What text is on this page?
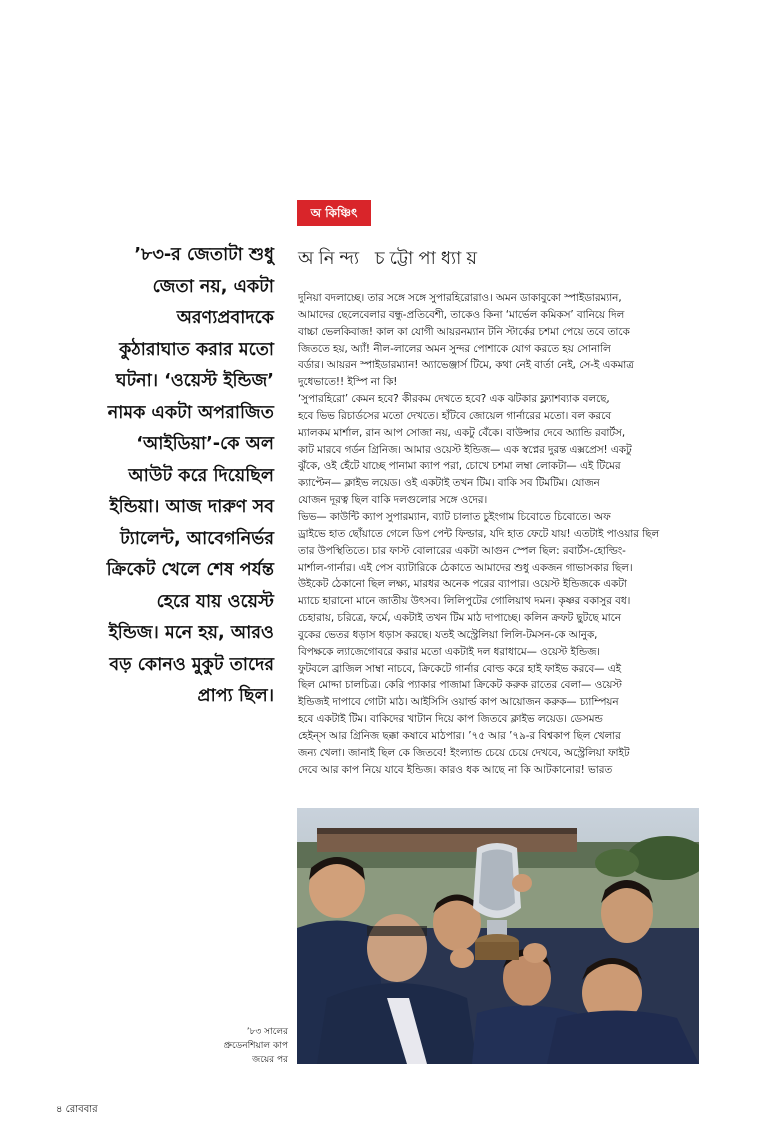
অ কিঞ্চিৎ
অনিন্দ্য চট্টোপাধ্যায়
’৮৩-র জেতাটা শুধু
জেতা নয়, একটা
অরণ্যপ্রবাদকে
কুঠারাঘাত করার মতো
ঘটনা। ‘ওয়েস্ট ইন্ডিজ’
নামক একটা অপরাজিত
‘আইডিয়া’-কে অল
আউট করে দিয়েছিল
ইন্ডিয়া। আজ দারুণ সব
ট্যালেন্ট, আবেগনির্ভর
ক্রিকেট খেলে শেষ পর্যন্ত
হেরে যায় ওয়েস্ট
ইন্ডিজ। মনে হয়, আরও
বড় কোনও মুকুট তাদের
প্রাপ্য ছিল।
দুনিয়া বদলাচ্ছে। তার সঙ্গে সঙ্গে সুপারহিরোরাও। অমন ডাকাবুকো স্পাইডারম্যান,
আমাদের ছেলেবেলার বন্ধু-প্রতিবেশী, তাকেও কিনা ‘মার্ভেল কমিকস’ বানিয়ে দিল
বাচ্চা ভেলকিবাজ! কাল কা যোগী আয়রনম্যান টনি স্টার্কের চশমা পেয়ে তবে তাকে
জিততে হয়, অ্যাঁ! নীল-লালের অমন সুন্দর পোশাকে যোগ করতে হয় সোনালি
বর্ডার। আয়রন স্পাইডারম্যান! অ্যাভেঞ্জার্স টিমে, কথা নেই বার্তা নেই, সে-ই একমাত্র
দুধেভাতে!! ইস্পি না কি!
‘সুপারহিরো’ কেমন হবে? কীরকম দেখতে হবে? এক ঝটকার ফ্ল্যাশব্যাক বলছে,
হবে ভিভ রিচার্ডসের মতো দেখতে। হাঁটবে জোয়েল গার্নারের মতো। বল করবে
ম্যালকম মার্শাল, রান আপ সোজা নয়, একটু বেঁকে। বাউন্সার দেবে অ্যান্ডি রবার্টস,
কাট মারবে গর্ডন গ্রিনিজ। আমার ওয়েস্ট ইন্ডিজ— এক স্বপ্নের দুরন্ত এক্সপ্রেস! একটু
ঝুঁকে, ওই হেঁটে যাচ্ছে পানামা ক্যাপ পরা, চোখে চশমা লম্বা লোকটা— এই টিমের
ক্যাপ্টেন— ক্লাইভ লয়েড। ওই একটাই তখন টিম। বাকি সব টিমটিম। যোজন
যোজন দূরত্ব ছিল বাকি দলগুলোর সঙ্গে ওদের।
ভিভ— কাউন্টি ক্যাপ সুপারম্যান, ব্যাট চালাত চুইংগাম চিবোতে চিবোতে। অফ
ড্রাইভে হাত ছোঁয়াতে গেলে ডিপ পেন্ট ফিল্ডার, যদি হাত ফেটে যায়! এতটাই পাওয়ার ছিল
তার উপস্থিতিতে। চার ফাস্ট বোলারের একটা আগুন স্পেল ছিল: রবার্টস-হোল্ডিং-
মার্শাল-গার্নার। এই পেস ব্যাটারিকে ঠেকাতে আমাদের শুধু একজন গাভাসকার ছিল।
উইকেট ঠেকানো ছিল লক্ষ্য, মারধর অনেক পরের ব্যাপার। ওয়েস্ট ইন্ডিজকে একটা
ম্যাচে হারানো মানে জাতীয় উৎসব। লিলিপুটের গোলিয়াথ দমন। কৃষ্ণর বকাসুর বধ।
চেহারায়, চরিত্রে, ফর্মে, একটাই তখন টিম মাঠ দাপাচ্ছে। কলিন ক্রফট ছুটছে মানে
বুকের ভেতর ধড়াস ধড়াস করছে। যতই অস্ট্রেলিয়া লিলি-টমসন-কে আনুক,
বিপক্ষকে ল্যাজেগোবরে করার মতো একটাই দল ধরাধামে— ওয়েস্ট ইন্ডিজ।
ফুটবলে ব্রাজিল সাম্বা নাচবে, ক্রিকেটে গার্নার বোল্ড করে হাই ফাইভ করবে— এই
ছিল মোদ্দা চালচিত্র। কেরি প্যাকার পাজামা ক্রিকেট করুক রাতের বেলা— ওয়েস্ট
ইন্ডিজই দাপাবে গোটা মাঠ। আইসিসি ওয়ার্ল্ড কাপ আয়োজন করুক— চ্যাম্পিয়ন
হবে একটাই টিম। বাকিদের খাটান দিয়ে কাপ জিতবে ক্লাইভ লয়েড। ডেসমন্ড
হেইন্‌স আর গ্রিনিজ ছক্কা কষাবে মাঠপার। ’৭৫ আর ’৭৯-র বিশ্বকাপ ছিল খেলার
জন্য খেলা। জানাই ছিল কে জিতবে! ইংল্যান্ড চেয়ে চেয়ে দেখবে, অস্ট্রেলিয়া ফাইট
দেবে আর কাপ নিয়ে যাবে ইন্ডিজ। কারও ধক আছে না কি আটকানোর! ভারত
’৮৩ সালের
প্রুডেনশিয়াল কাপ
জয়ের পর
৪ রোববার
